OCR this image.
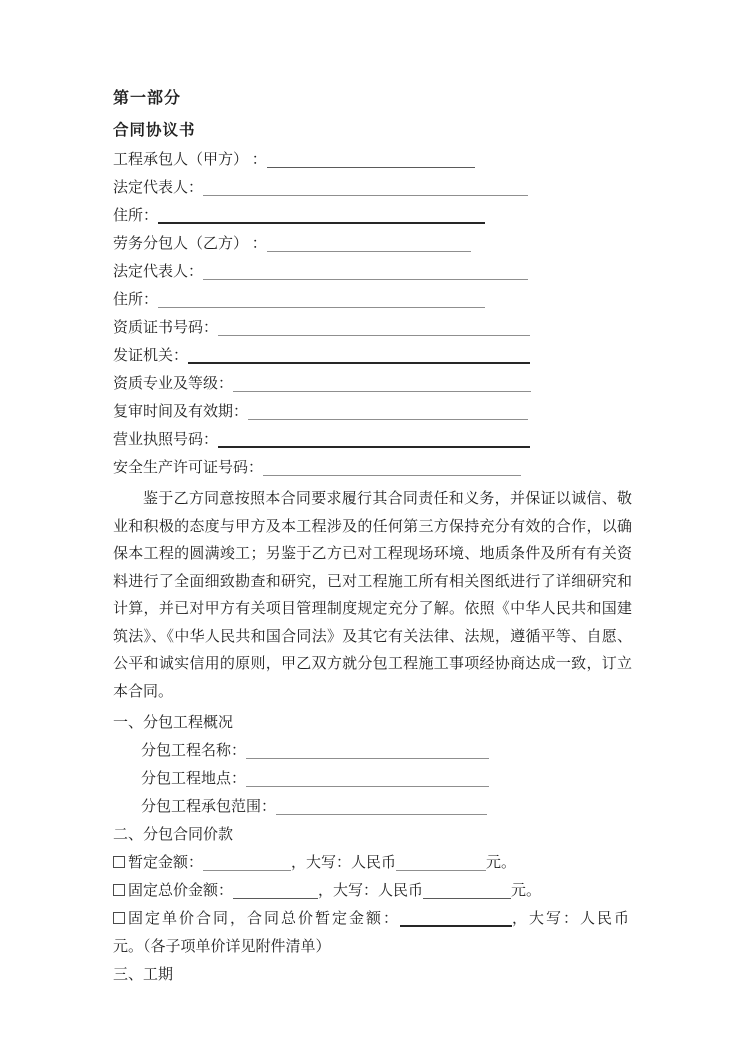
第一部分
合同协议书
工程承包人（甲方） ：
法定代表人：
住所：
劳务分包人（乙方） ：
法定代表人：
住所：
资质证书号码：
发证机关：
资质专业及等级：
复审时间及有效期：
营业执照号码：
安全生产许可证号码：

鉴于乙方同意按照本合同要求履行其合同责任和义务，并保证以诚信、敬业和积极的态度与甲方及本工程涉及的任何第三方保持充分有效的合作，以确保本工程的圆满竣工；另鉴于乙方已对工程现场环境、地质条件及所有有关资料进行了全面细致勘查和研究，已对工程施工所有相关图纸进行了详细研究和计算，并已对甲方有关项目管理制度规定充分了解。依照《中华人民共和国建筑法》、《中华人民共和国合同法》及其它有关法律、法规，遵循平等、自愿、公平和诚实信用的原则，甲乙双方就分包工程施工事项经协商达成一致，订立本合同。

一、分包工程概况
分包工程名称：
分包工程地点：
分包工程承包范围：
二、分包合同价款
暂定金额：	，大写：人民币	元。
固定总价金额：	，大写：人民币	元。
固定单价合同，合同总价暂定金额：	，大写：人民币
元。（各子项单价详见附件清单）
三、工期
